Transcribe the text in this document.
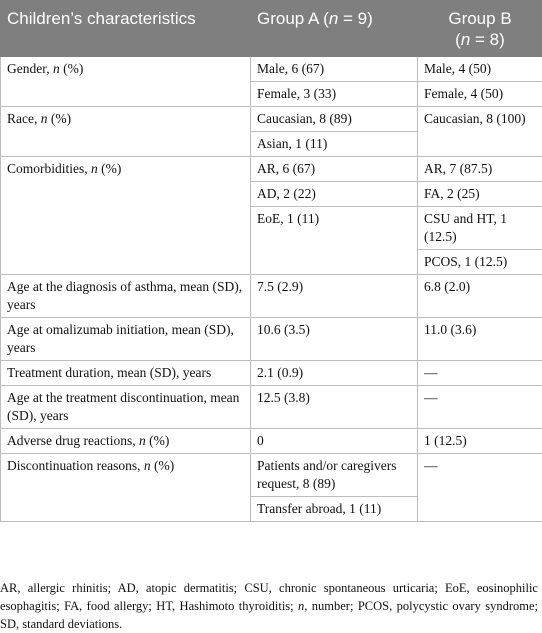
Children’s characteristics	Group A (n = 9)	Group B
(n = 8)
Gender, n (%)	Male, 6 (67)	Male, 4 (50)
	Female, 3 (33)	Female, 4 (50)
Race, n (%)	Caucasian, 8 (89)	Caucasian, 8 (100)
	Asian, 1 (11)	
Comorbidities, n (%)	AR, 6 (67)	AR, 7 (87.5)
	AD, 2 (22)	FA, 2 (25)
	EoE, 1 (11)	CSU and HT, 1 (12.5)
		PCOS, 1 (12.5)
Age at the diagnosis of asthma, mean (SD), years	7.5 (2.9)	6.8 (2.0)
Age at omalizumab initiation, mean (SD), years	10.6 (3.5)	11.0 (3.6)
Treatment duration, mean (SD), years	2.1 (0.9)	—
Age at the treatment discontinuation, mean (SD), years	12.5 (3.8)	—
Adverse drug reactions, n (%)	0	1 (12.5)
Discontinuation reasons, n (%)	Patients and/or caregivers request, 8 (89)	—
	Transfer abroad, 1 (11)	
AR, allergic rhinitis; AD, atopic dermatitis; CSU, chronic spontaneous urticaria; EoE, eosinophilic esophagitis; FA, food allergy; HT, Hashimoto thyroiditis; n, number; PCOS, polycystic ovary syndrome; SD, standard deviations.
